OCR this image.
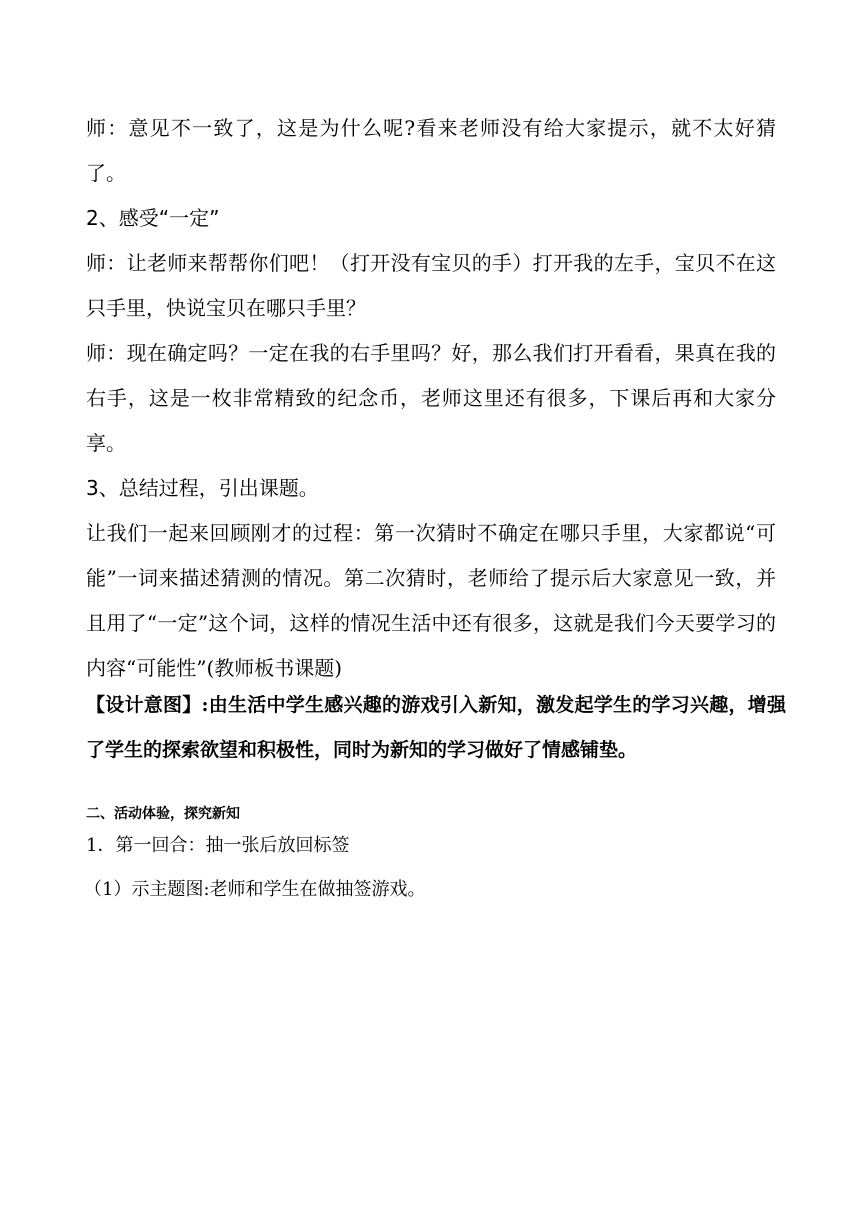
师：意见不一致了，这是为什么呢?看来老师没有给大家提示，就不太好猜了。

2、感受“一定”

师：让老师来帮帮你们吧！（打开没有宝贝的手）打开我的左手，宝贝不在这只手里，快说宝贝在哪只手里？

师：现在确定吗？一定在我的右手里吗？好，那么我们打开看看，果真在我的右手，这是一枚非常精致的纪念币，老师这里还有很多，下课后再和大家分享。

3、总结过程，引出课题。

让我们一起来回顾刚才的过程：第一次猜时不确定在哪只手里，大家都说“可能”一词来描述猜测的情况。第二次猜时，老师给了提示后大家意见一致，并且用了“一定”这个词，这样的情况生活中还有很多，这就是我们今天要学习的内容“可能性”(教师板书课题)

【设计意图】:由生活中学生感兴趣的游戏引入新知，激发起学生的学习兴趣，增强了学生的探索欲望和积极性，同时为新知的学习做好了情感铺垫。

二、活动体验，探究新知

1．第一回合：抽一张后放回标签

（1）示主题图:老师和学生在做抽签游戏。
